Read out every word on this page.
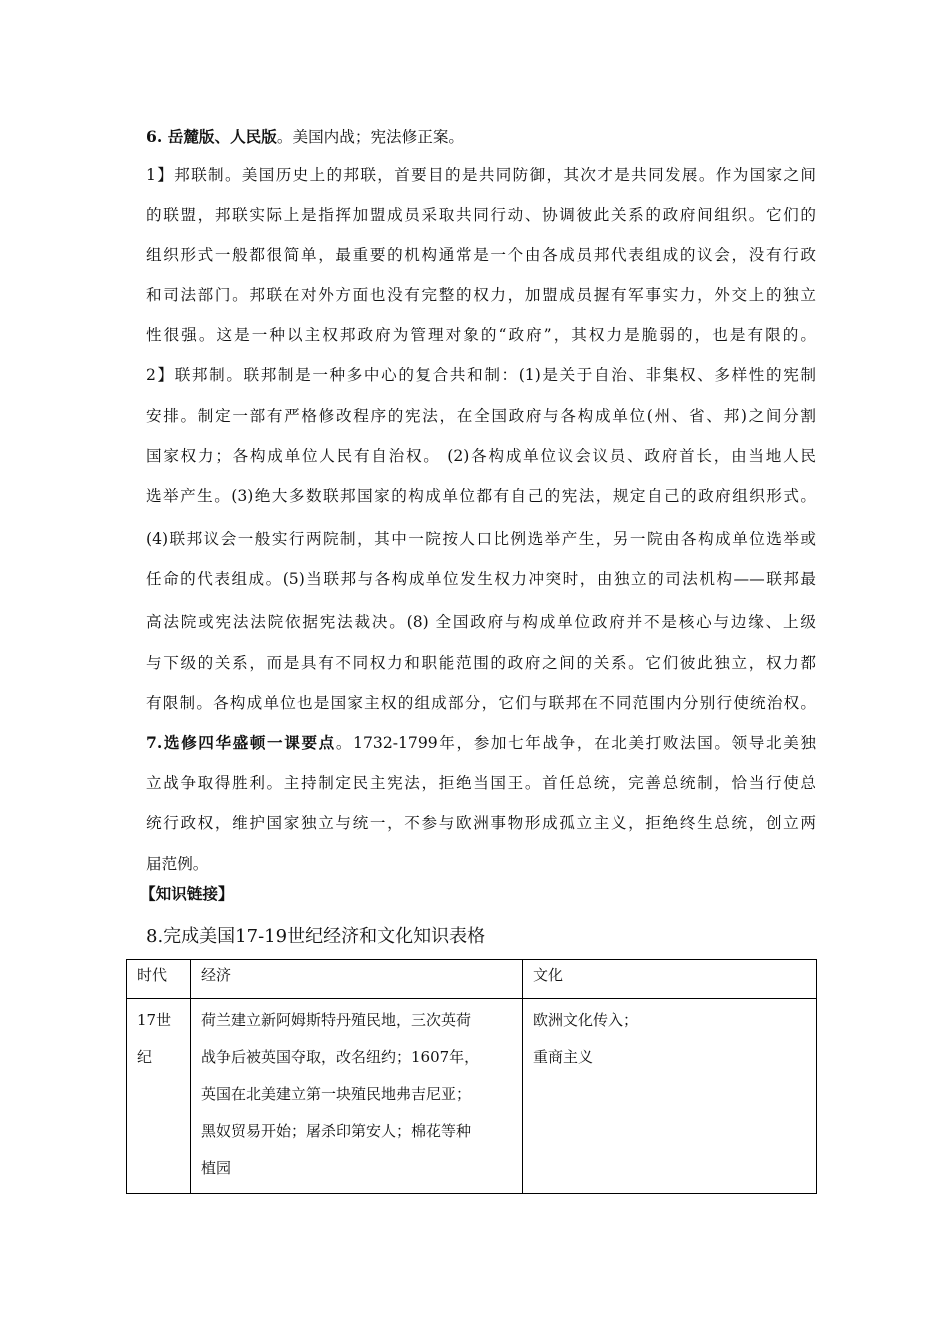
6. 岳麓版、人民版。美国内战；宪法修正案。
1】邦联制。美国历史上的邦联，首要目的是共同防御，其次才是共同发展。作为国家之间
的联盟，邦联实际上是指挥加盟成员采取共同行动、协调彼此关系的政府间组织。它们的
组织形式一般都很简单，最重要的机构通常是一个由各成员邦代表组成的议会，没有行政
和司法部门。邦联在对外方面也没有完整的权力，加盟成员握有军事实力，外交上的独立
性很强。这是一种以主权邦政府为管理对象的“政府”，其权力是脆弱的，也是有限的。
2】联邦制。联邦制是一种多中心的复合共和制：(1)是关于自治、非集权、多样性的宪制
安排。制定一部有严格修改程序的宪法，在全国政府与各构成单位(州、省、邦)之间分割
国家权力；各构成单位人民有自治权。 (2)各构成单位议会议员、政府首长，由当地人民
选举产生。(3)绝大多数联邦国家的构成单位都有自己的宪法，规定自己的政府组织形式。
(4)联邦议会一般实行两院制，其中一院按人口比例选举产生，另一院由各构成单位选举或
任命的代表组成。(5)当联邦与各构成单位发生权力冲突时，由独立的司法机构——联邦最
高法院或宪法法院依据宪法裁决。(8) 全国政府与构成单位政府并不是核心与边缘、上级
与下级的关系，而是具有不同权力和职能范围的政府之间的关系。它们彼此独立，权力都
有限制。各构成单位也是国家主权的组成部分，它们与联邦在不同范围内分别行使统治权。
7.选修四华盛顿一课要点。1732-1799年，参加七年战争，在北美打败法国。领导北美独
立战争取得胜利。主持制定民主宪法，拒绝当国王。首任总统，完善总统制，恰当行使总
统行政权，维护国家独立与统一，不参与欧洲事物形成孤立主义，拒绝终生总统，创立两
届范例。
【知识链接】
8.完成美国17-19世纪经济和文化知识表格
时代	经济	文化

17世
纪	荷兰建立新阿姆斯特丹殖民地，三次英荷
战争后被英国夺取，改名纽约；1607年，
英国在北美建立第一块殖民地弗吉尼亚；
黑奴贸易开始；屠杀印第安人；棉花等种
植园	欧洲文化传入；
重商主义
